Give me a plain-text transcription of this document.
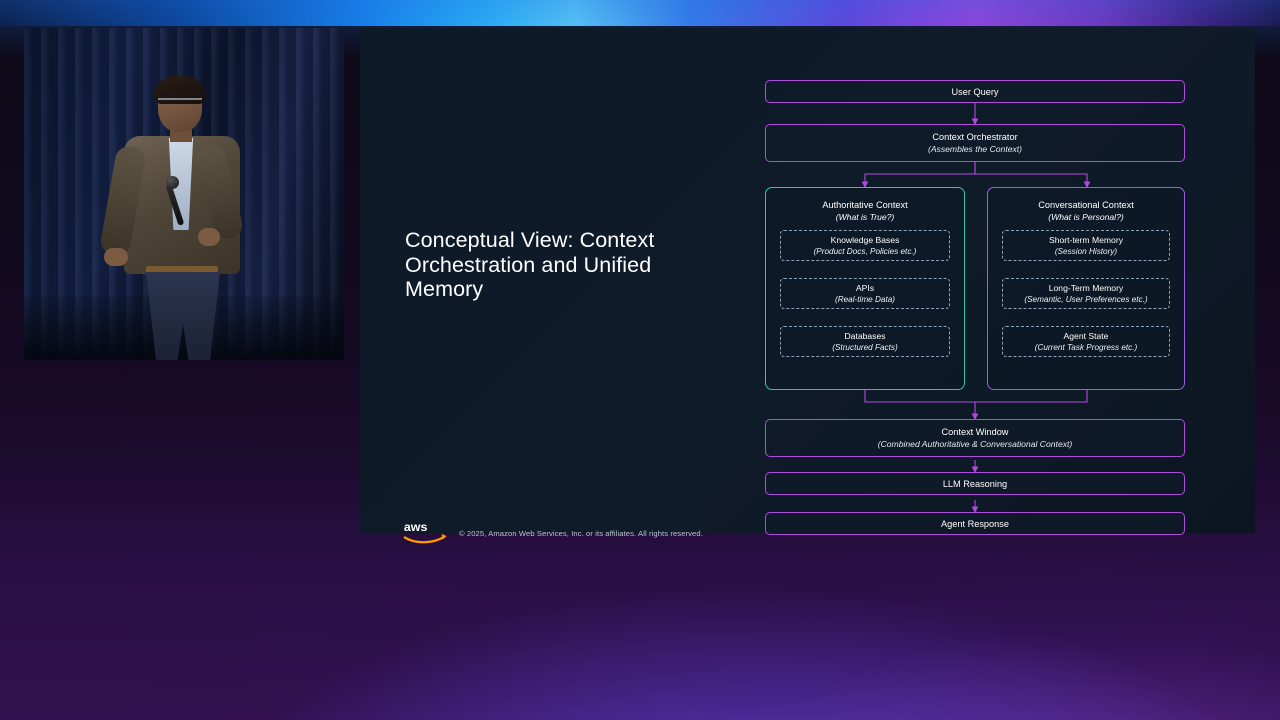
Conceptual View: Context Orchestration and Unified Memory
aws	© 2025, Amazon Web Services, Inc. or its affiliates. All rights reserved.
User Query
Context Orchestrator
(Assembles the Context)
Authoritative Context
(What is True?)
Knowledge Bases
(Product Docs, Policies etc.)
APIs
(Real-time Data)
Databases
(Structured Facts)
Conversational Context
(What is Personal?)
Short-term Memory
(Session History)
Long-Term Memory
(Semantic, User Preferences etc.)
Agent State
(Current Task Progress etc.)
Context Window
(Combined Authoritative & Conversational Context)
LLM Reasoning
Agent Response
